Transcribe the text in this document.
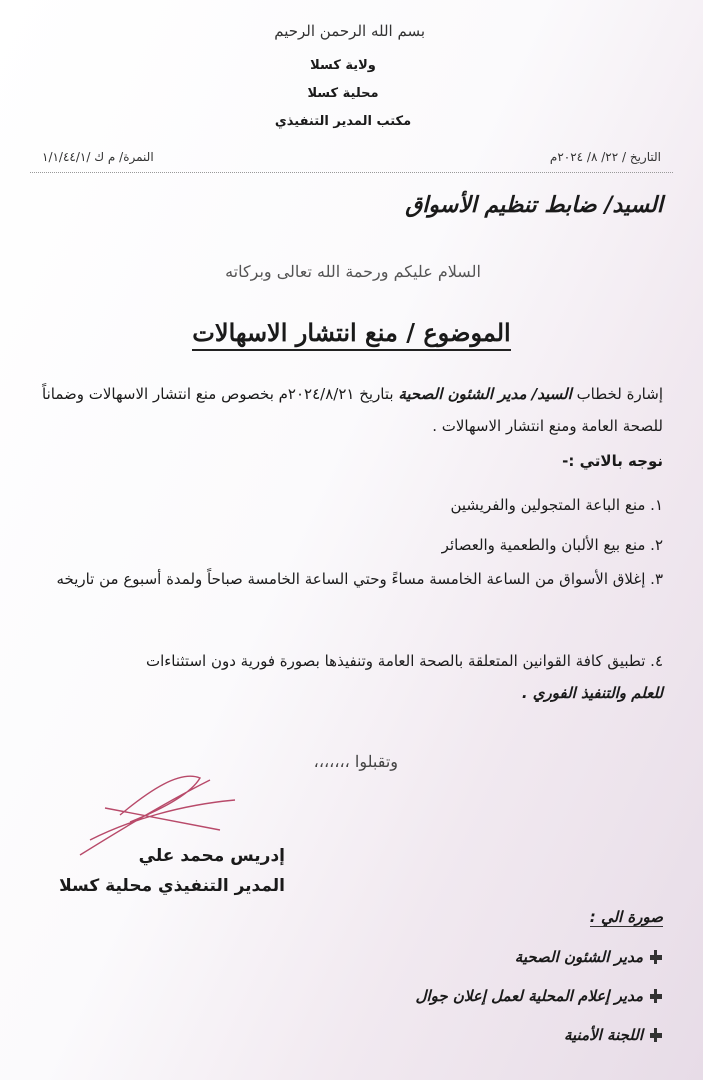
بسم الله الرحمن الرحيم
ولاية كسلا
محلية كسلا
مكتب المدير التنفيذي
التاريخ / ٢٢/ ٨/ ٢٠٢٤م
النمرة/ م ك /١/١/٤٤/١
السيد/ ضابط تنظيم الأسواق
السلام عليكم ورحمة الله تعالى وبركاته
الموضوع / منع انتشار الاسهالات
إشارة لخطاب السيد/ مدير الشئون الصحية بتاريخ ٢٠٢٤/٨/٢١م بخصوص منع انتشار الاسهالات وضماناً للصحة العامة ومنع انتشار الاسهالات .
نوجه بالاتي :-
١. منع الباعة المتجولين والفريشين
٢. منع بيع الألبان والطعمية والعصائر
٣. إغلاق الأسواق من الساعة الخامسة مساءً وحتي الساعة الخامسة صباحاً ولمدة أسبوع من تاريخه
٤. تطبيق كافة القوانين المتعلقة بالصحة العامة وتنفيذها بصورة فورية دون استثناءات
للعلم والتنفيذ الفوري .
وتقبلوا ،،،،،،،
إدريس محمد علي
المدير التنفيذي محلية كسلا
صورة الي :
مدير الشئون الصحية
مدير إعلام المحلية لعمل إعلان جوال
اللجنة الأمنية
